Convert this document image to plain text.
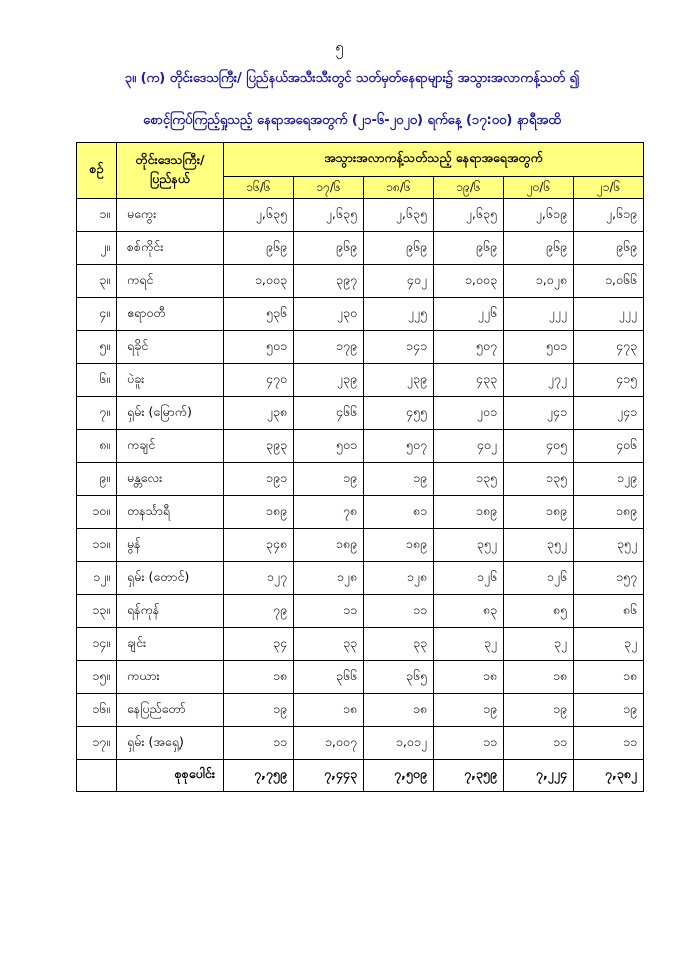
၅
၃။ (က) တိုင်းဒေသကြီး/ ပြည်နယ်အသီးသီးတွင် သတ်မှတ်နေရာများ၌ အသွားအလာကန့်သတ် ၍
စောင့်ကြပ်ကြည့်ရှုသည့် နေရာအရေအတွက် (၂၁-၆-၂၀၂၀) ရက်နေ့ (၁၇:၀၀) နာရီအထိ
စဉ်	တိုင်းဒေသကြီး/ ပြည်နယ်	အသွားအလာကန့်သတ်သည့် နေရာအရေအတွက်					
		၁၆/၆	၁၇/၆	၁၈/၆	၁၉/၆	၂၀/၆	၂၁/၆
၁။	မကွေး	၂,၆၃၅	၂,၆၃၅	၂,၆၃၅	၂,၆၃၅	၂,၆၁၉	၂,၆၁၉
၂။	စစ်ကိုင်း	၉၆၉	၉၆၉	၉၆၉	၉၆၉	၉၆၉	၉၆၉
၃။	ကရင်	၁,၀၀၃	၃၉၇	၄၀၂	၁,၀၀၃	၁,၀၂၈	၁,၀၆၆
၄။	ဧရာဝတီ	၅၃၆	၂၃၀	၂၂၅	၂၂၆	၂၂၂	၂၂၂
၅။	ရခိုင်	၅၀၁	၁၇၉	၁၄၁	၅၀၇	၅၀၁	၄၇၃
၆။	ပဲခူး	၄၇၀	၂၃၉	၂၃၉	၄၃၃	၂၇၂	၄၁၅
၇။	ရှမ်း (မြောက်)	၂၃၈	၄၆၆	၄၅၅	၂၀၁	၂၄၁	၂၄၁
၈။	ကချင်	၃၉၃	၅၀၁	၅၀၇	၄၀၂	၄၀၅	၄၀၆
၉။	မန္တလေး	၁၉၁	၁၉	၁၉	၁၃၅	၁၃၅	၁၂၉
၁၀။	တနင်္သာရီ	၁၈၉	၇၈	၈၁	၁၈၉	၁၈၉	၁၈၉
၁၁။	မွန်	၃၄၈	၁၈၉	၁၈၉	၃၅၂	၃၅၂	၃၅၂
၁၂။	ရှမ်း (တောင်)	၁၂၇	၁၂၈	၁၂၈	၁၂၆	၁၂၆	၁၅၇
၁၃။	ရန်ကုန်	၇၉	၁၁	၁၁	၈၃	၈၅	၈၆
၁၄။	ချင်း	၃၄	၃၃	၃၃	၃၂	၃၂	၃၂
၁၅။	ကယား	၁၈	၃၆၆	၃၆၅	၁၈	၁၈	၁၈
၁၆။	နေပြည်တော်	၁၉	၁၈	၁၈	၁၉	၁၉	၁၉
၁၇။	ရှမ်း (အရှေ့)	၁၁	၁,၀၀၇	၁,၀၁၂	၁၁	၁၁	၁၁
	စုစုပေါင်း	၇,၇၅၉	၇,၄၄၃	၇,၅၀၉	၇,၃၅၉	၇,၂၂၄	၇,၃၈၂
